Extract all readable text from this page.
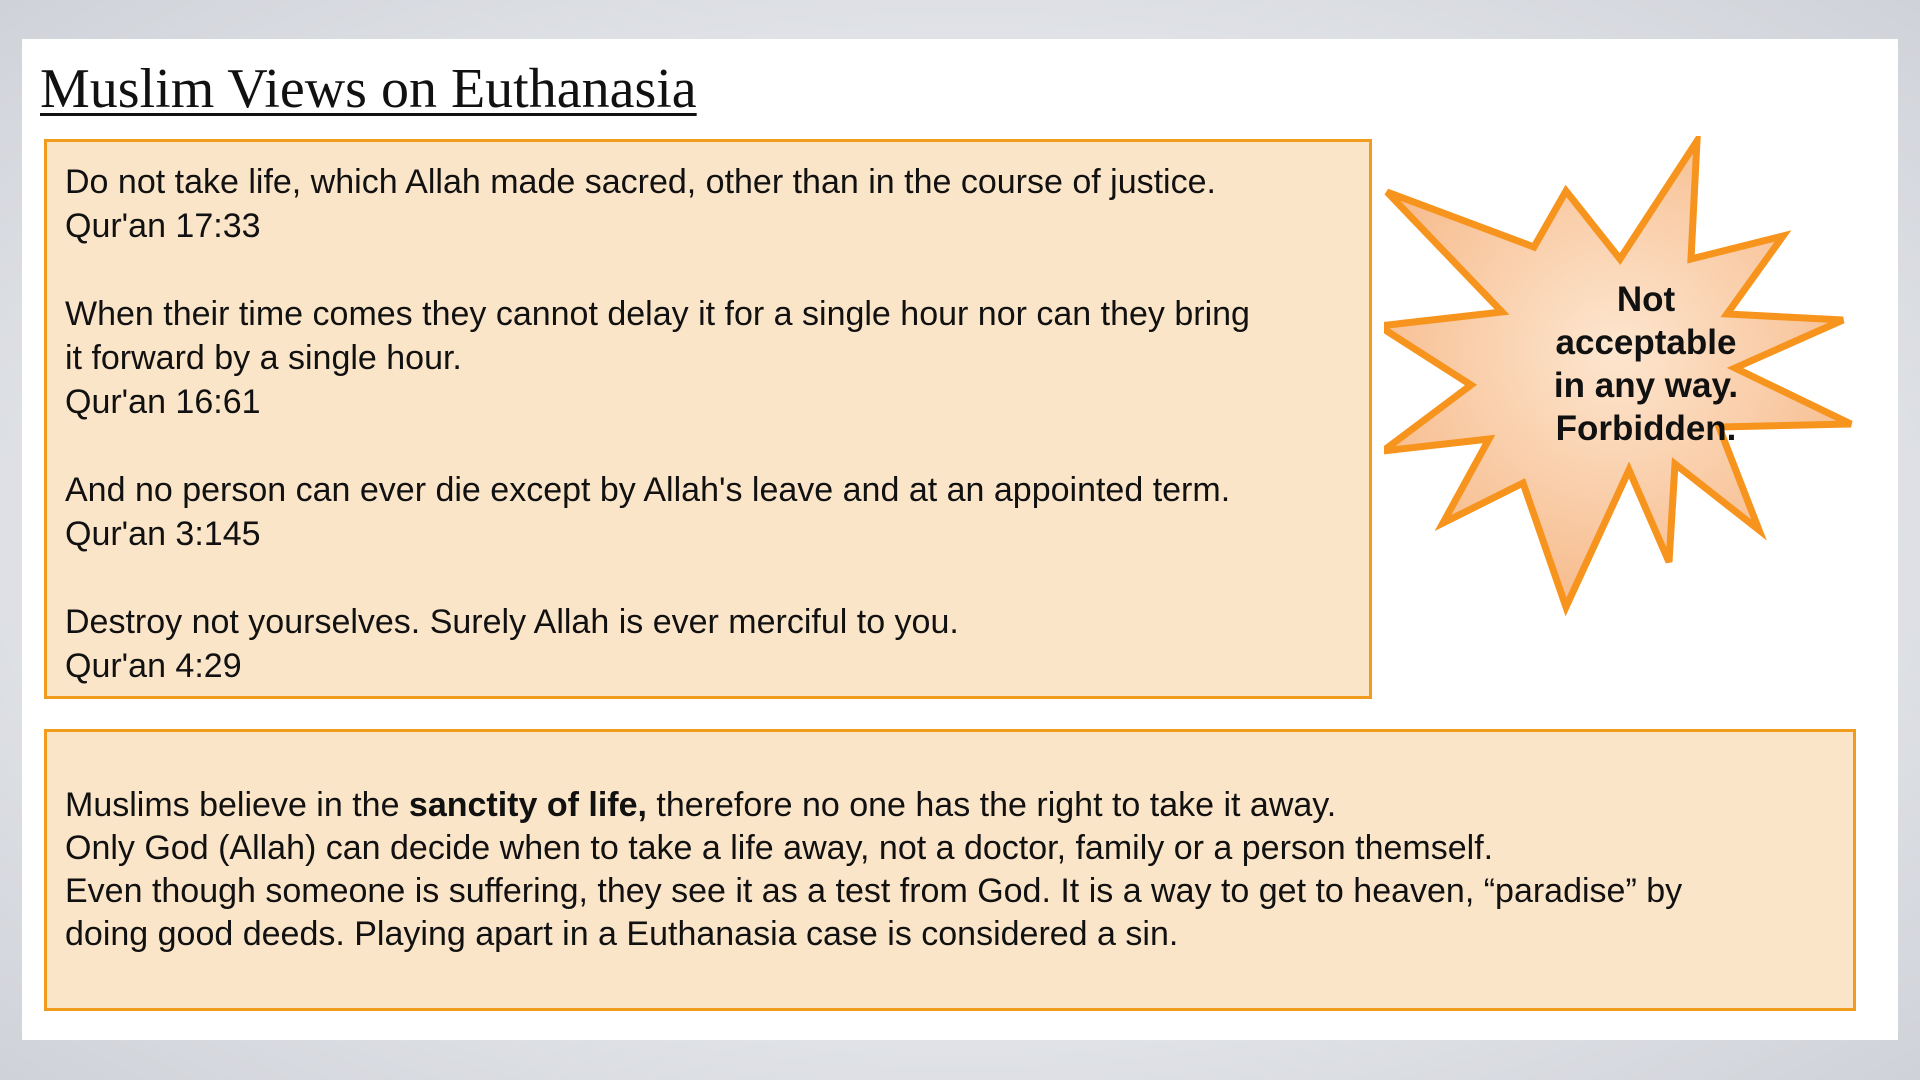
Muslim Views on Euthanasia
Do not take life, which Allah made sacred, other than in the course of justice.
Qur'an 17:33
When their time comes they cannot delay it for a single hour nor can they bring
it forward by a single hour.
Qur'an 16:61
And no person can ever die except by Allah's leave and at an appointed term.
Qur'an 3:145
Destroy not yourselves. Surely Allah is ever merciful to you.
Qur'an 4:29

Muslims believe in the sanctity of life, therefore no one has the right to take it away.

Only God (Allah) can decide when to take a life away, not a doctor, family or a person themself.

Even though someone is suffering, they see it as a test from God. It is a way to get to heaven, “paradise” by

doing good deeds. Playing apart in a Euthanasia case is considered a sin.

Not
acceptable
in any way.
Forbidden.
